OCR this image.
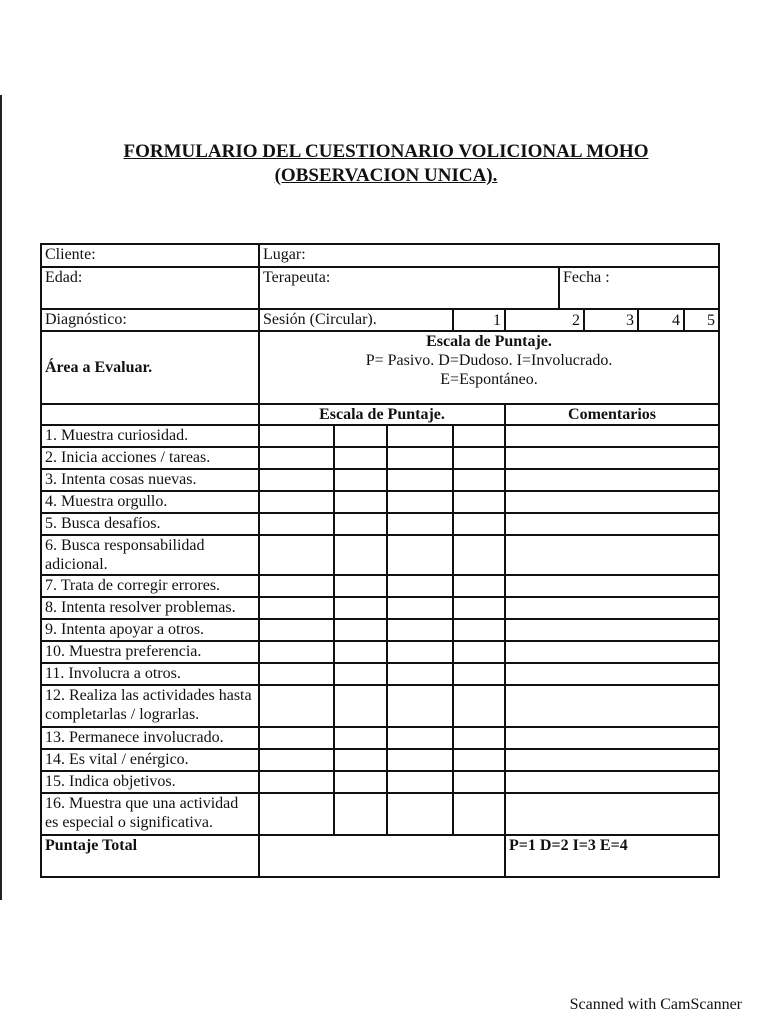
FORMULARIO DEL CUESTIONARIO VOLICIONAL MOHO
(OBSERVACION UNICA).
Cliente:	Lugar:								
Edad:	Terapeuta:					Fecha :			
Diagnóstico:	Sesión (Circular).			1	2		3	4	5
Área a Evaluar.	Escala de Puntaje.
P= Pasivo. D=Dudoso. I=Involucrado.
E=Espontáneo.								

	Escala de Puntaje.				Comentarios				
1. Muestra curiosidad.									
2. Inicia acciones / tareas.									
3. Intenta cosas nuevas.									
4. Muestra orgullo.									
5. Busca desafíos.									
6. Busca responsabilidad adicional.									
7. Trata de corregir errores.									
8. Intenta resolver problemas.									
9. Intenta apoyar a otros.									
10. Muestra preferencia.									
11. Involucra a otros.									
12. Realiza las actividades hasta completarlas / lograrlas.									
13. Permanece involucrado.									
14. Es vital / enérgico.									
15. Indica objetivos.									
16. Muestra que una actividad es especial o significativa.									
Puntaje Total					P=1 D=2 I=3 E=4				
Scanned with CamScanner
